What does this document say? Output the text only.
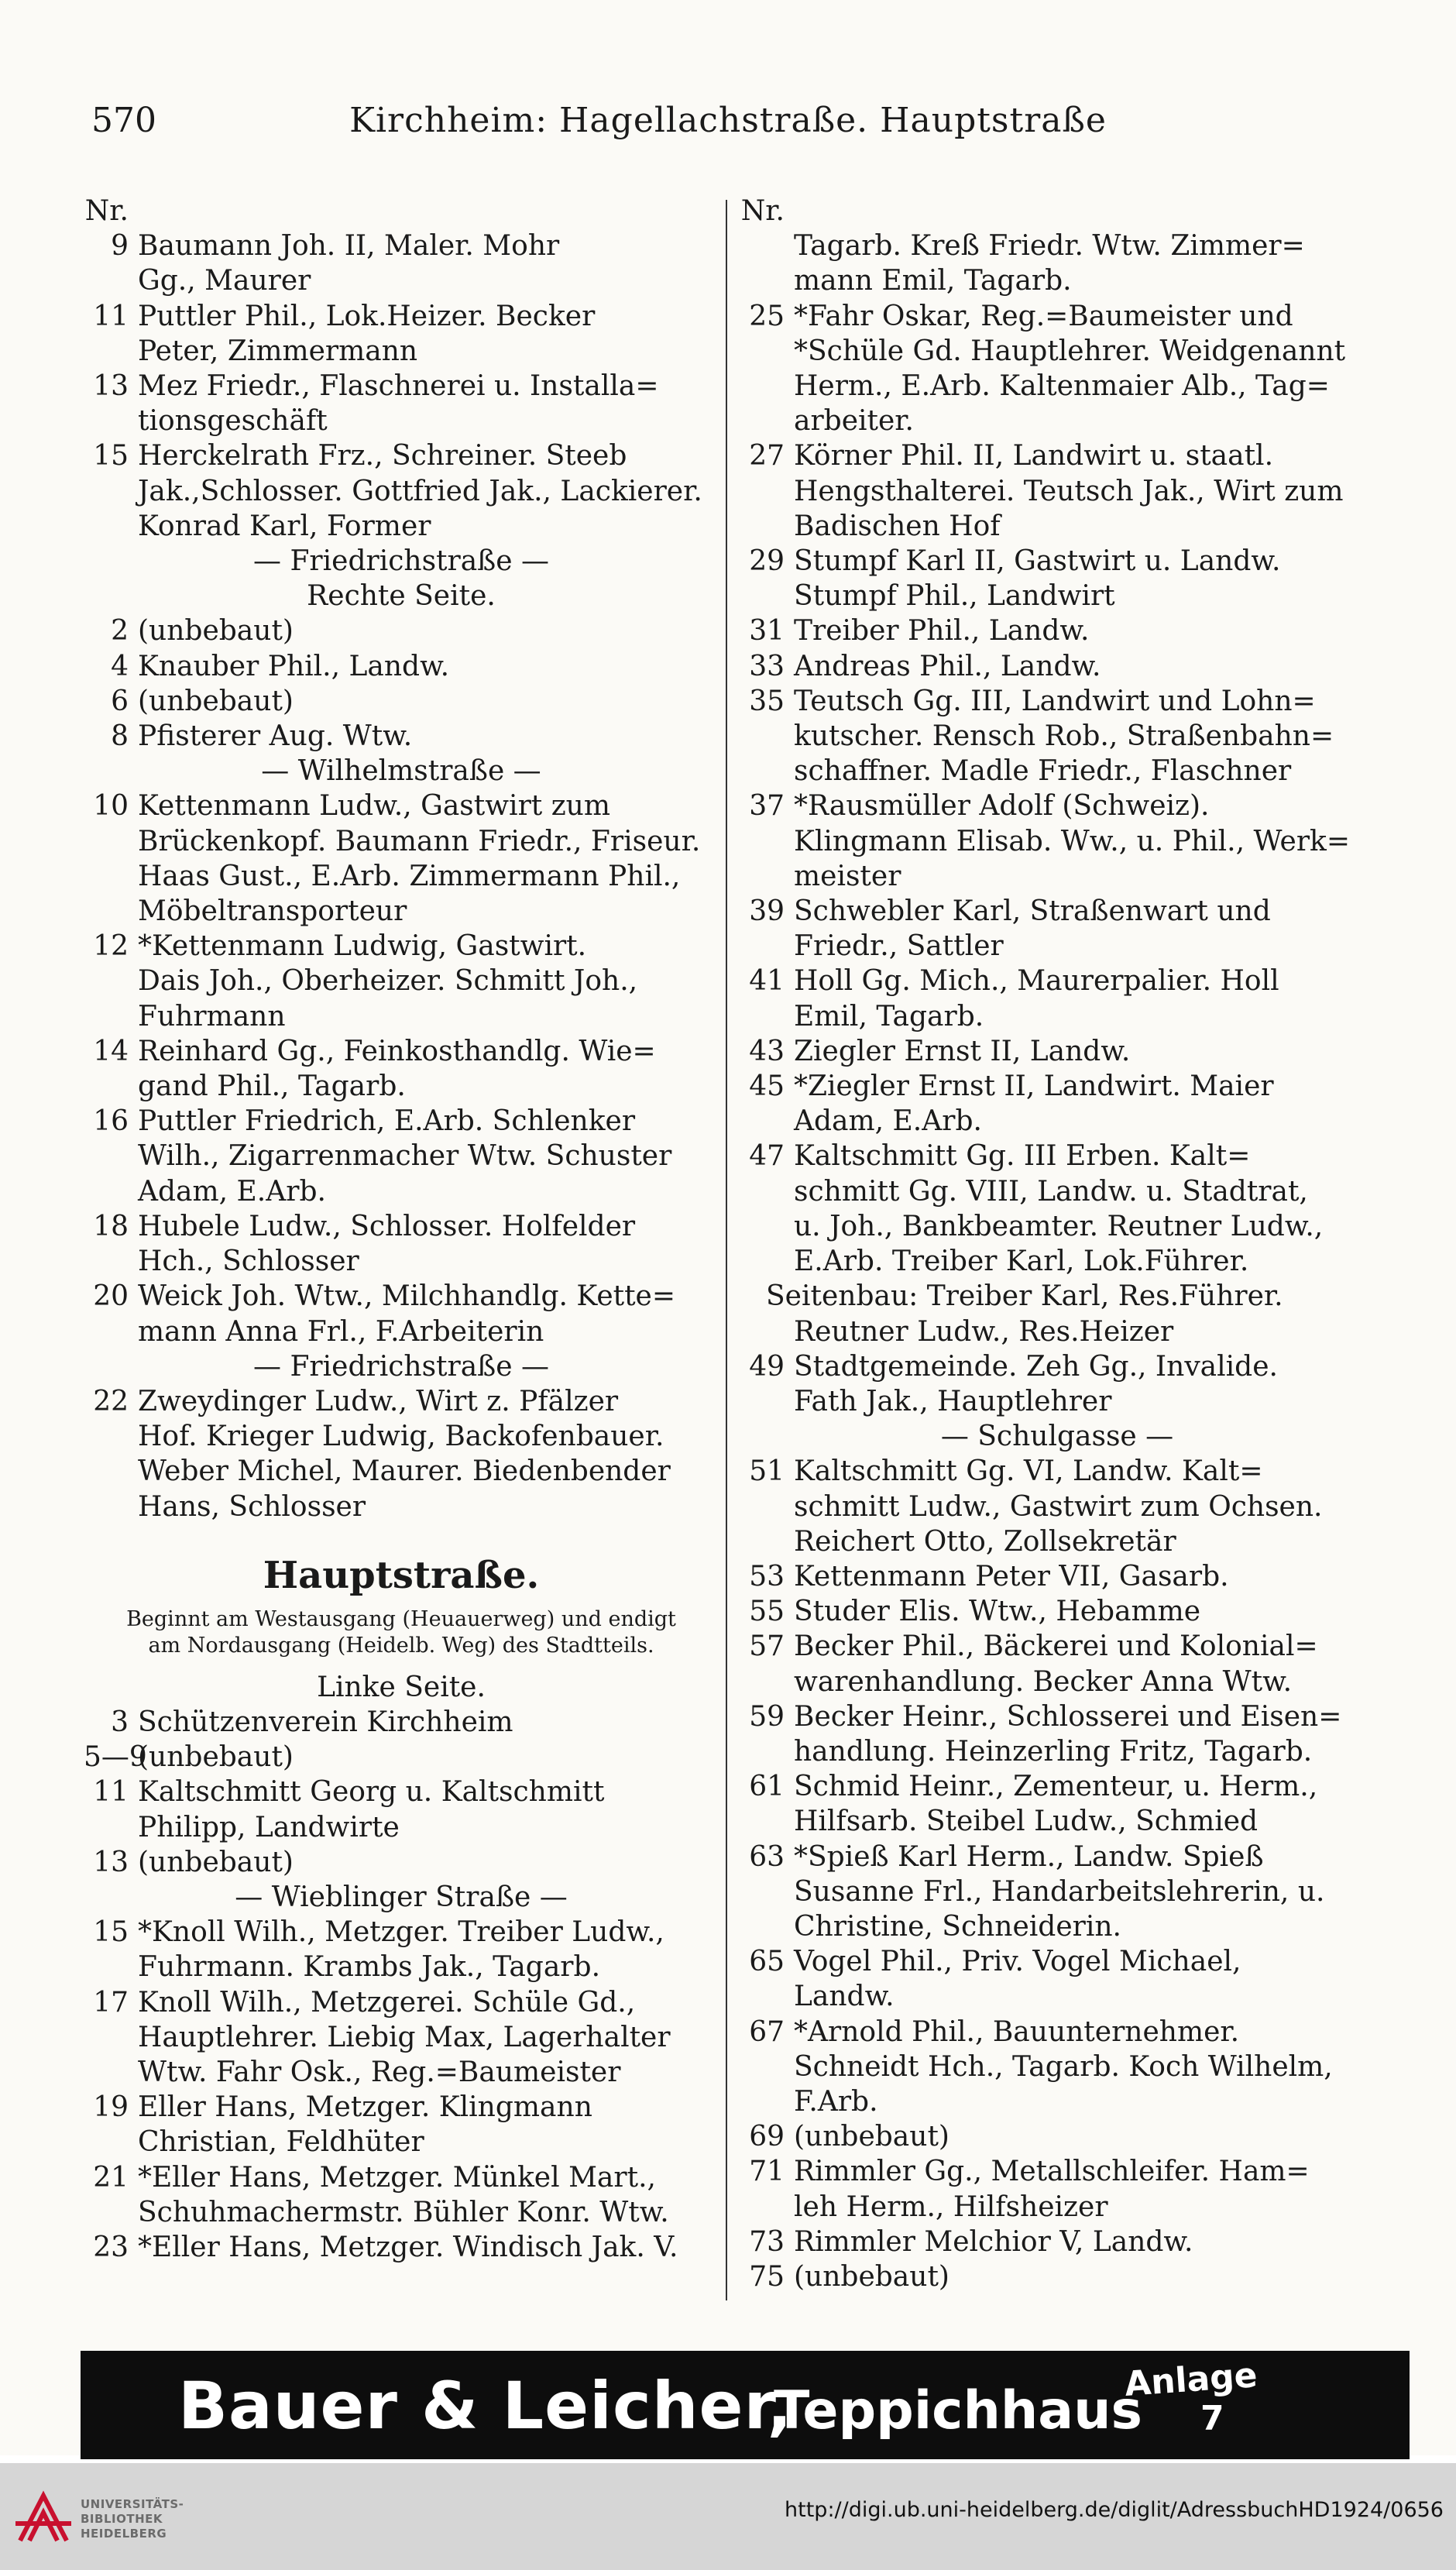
570	Kirchheim: Hagellachstraße. Hauptstraße
Nr.
9 Baumann Joh. II, Maler. Mohr
Gg., Maurer
11 Puttler Phil., Lok.Heizer. Becker
Peter, Zimmermann
13 Mez Friedr., Flaschnerei u. Installa=
tionsgeschäft
15 Herckelrath Frz., Schreiner. Steeb
Jak.,Schlosser. Gottfried Jak., Lackierer.
Konrad Karl, Former
— Friedrichstraße —
Rechte Seite.
2 (unbebaut)
4 Knauber Phil., Landw.
6 (unbebaut)
8 Pfisterer Aug. Wtw.
— Wilhelmstraße —
10 Kettenmann Ludw., Gastwirt zum
Brückenkopf. Baumann Friedr., Friseur.
Haas Gust., E.Arb. Zimmermann Phil.,
Möbeltransporteur
12 *Kettenmann Ludwig, Gastwirt.
Dais Joh., Oberheizer. Schmitt Joh.,
Fuhrmann
14 Reinhard Gg., Feinkosthandlg. Wie=
gand Phil., Tagarb.
16 Puttler Friedrich, E.Arb. Schlenker
Wilh., Zigarrenmacher Wtw. Schuster
Adam, E.Arb.
18 Hubele Ludw., Schlosser. Holfelder
Hch., Schlosser
20 Weick Joh. Wtw., Milchhandlg. Kette=
mann Anna Frl., F.Arbeiterin
— Friedrichstraße —
22 Zweydinger Ludw., Wirt z. Pfälzer
Hof. Krieger Ludwig, Backofenbauer.
Weber Michel, Maurer. Biedenbender
Hans, Schlosser
Hauptstraße.
Beginnt am Westausgang (Heuauerweg) und endigt
am Nordausgang (Heidelb. Weg) des Stadtteils.
Linke Seite.
3 Schützenverein Kirchheim
5—9(unbebaut)
11 Kaltschmitt Georg u. Kaltschmitt
Philipp, Landwirte
13 (unbebaut)
— Wieblinger Straße —
15 *Knoll Wilh., Metzger. Treiber Ludw.,
Fuhrmann. Krambs Jak., Tagarb.
17 Knoll Wilh., Metzgerei. Schüle Gd.,
Hauptlehrer. Liebig Max, Lagerhalter
Wtw. Fahr Osk., Reg.=Baumeister
19 Eller Hans, Metzger. Klingmann
Christian, Feldhüter
21 *Eller Hans, Metzger. Münkel Mart.,
Schuhmachermstr. Bühler Konr. Wtw.
23 *Eller Hans, Metzger. Windisch Jak. V.
Nr.
Tagarb. Kreß Friedr. Wtw. Zimmer=
mann Emil, Tagarb.
25 *Fahr Oskar, Reg.=Baumeister und
*Schüle Gd. Hauptlehrer. Weidgenannt
Herm., E.Arb. Kaltenmaier Alb., Tag=
arbeiter.
27 Körner Phil. II, Landwirt u. staatl.
Hengsthalterei. Teutsch Jak., Wirt zum
Badischen Hof
29 Stumpf Karl II, Gastwirt u. Landw.
Stumpf Phil., Landwirt
31 Treiber Phil., Landw.
33 Andreas Phil., Landw.
35 Teutsch Gg. III, Landwirt und Lohn=
kutscher. Rensch Rob., Straßenbahn=
schaffner. Madle Friedr., Flaschner
37 *Rausmüller Adolf (Schweiz).
Klingmann Elisab. Ww., u. Phil., Werk=
meister
39 Schwebler Karl, Straßenwart und
Friedr., Sattler
41 Holl Gg. Mich., Maurerpalier. Holl
Emil, Tagarb.
43 Ziegler Ernst II, Landw.
45 *Ziegler Ernst II, Landwirt. Maier
Adam, E.Arb.
47 Kaltschmitt Gg. III Erben. Kalt=
schmitt Gg. VIII, Landw. u. Stadtrat,
u. Joh., Bankbeamter. Reutner Ludw.,
E.Arb. Treiber Karl, Lok.Führer.
Seitenbau: Treiber Karl, Res.Führer.
Reutner Ludw., Res.Heizer
49 Stadtgemeinde. Zeh Gg., Invalide.
Fath Jak., Hauptlehrer
— Schulgasse —
51 Kaltschmitt Gg. VI, Landw. Kalt=
schmitt Ludw., Gastwirt zum Ochsen.
Reichert Otto, Zollsekretär
53 Kettenmann Peter VII, Gasarb.
55 Studer Elis. Wtw., Hebamme
57 Becker Phil., Bäckerei und Kolonial=
warenhandlung. Becker Anna Wtw.
59 Becker Heinr., Schlosserei und Eisen=
handlung. Heinzerling Fritz, Tagarb.
61 Schmid Heinr., Zementeur, u. Herm.,
Hilfsarb. Steibel Ludw., Schmied
63 *Spieß Karl Herm., Landw. Spieß
Susanne Frl., Handarbeitslehrerin, u.
Christine, Schneiderin.
65 Vogel Phil., Priv. Vogel Michael,
Landw.
67 *Arnold Phil., Bauunternehmer.
Schneidt Hch., Tagarb. Koch Wilhelm,
F.Arb.
69 (unbebaut)
71 Rimmler Gg., Metallschleifer. Ham=
leh Herm., Hilfsheizer
73 Rimmler Melchior V, Landw.
75 (unbebaut)
Bauer & Leicher,
Teppichhaus
Anlage
7
UNIVERSITÄTS-
BIBLIOTHEK
HEIDELBERG
http://digi.ub.uni-heidelberg.de/diglit/AdressbuchHD1924/0656
